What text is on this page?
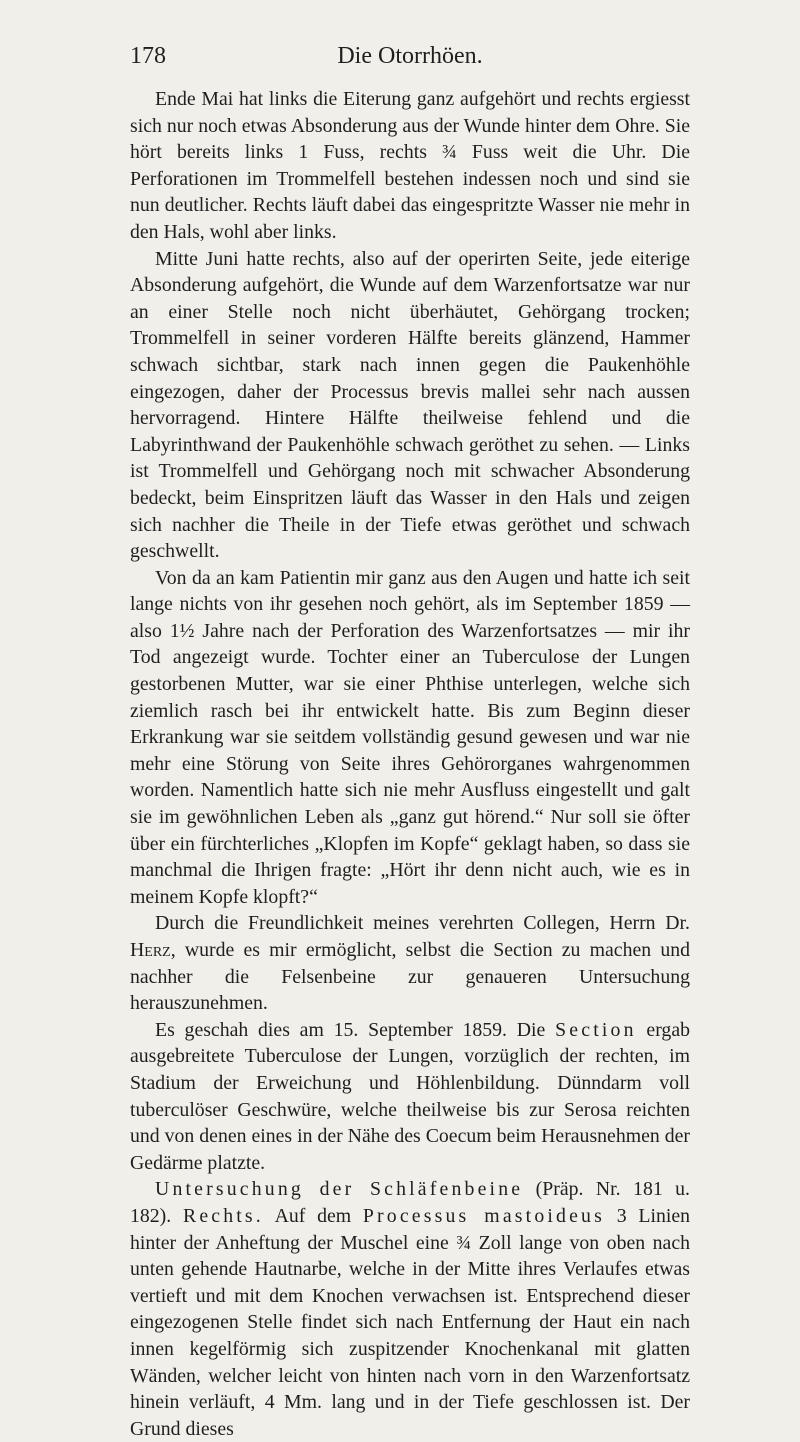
178	Die Otorrhöen.

Ende Mai hat links die Eiterung ganz aufgehört und rechts ergiesst sich nur noch etwas Absonderung aus der Wunde hinter dem Ohre. Sie hört bereits links 1 Fuss, rechts ¾ Fuss weit die Uhr. Die Perforationen im Trommelfell bestehen indessen noch und sind sie nun deutlicher. Rechts läuft dabei das eingespritzte Wasser nie mehr in den Hals, wohl aber links.

Mitte Juni hatte rechts, also auf der operirten Seite, jede eiterige Absonderung aufgehört, die Wunde auf dem Warzenfortsatze war nur an einer Stelle noch nicht überhäutet, Gehörgang trocken; Trommelfell in seiner vorderen Hälfte bereits glänzend, Hammer schwach sichtbar, stark nach innen gegen die Paukenhöhle eingezogen, daher der Processus brevis mallei sehr nach aussen hervorragend. Hintere Hälfte theilweise fehlend und die Labyrinthwand der Paukenhöhle schwach geröthet zu sehen. — Links ist Trommelfell und Gehörgang noch mit schwacher Absonderung bedeckt, beim Einspritzen läuft das Wasser in den Hals und zeigen sich nachher die Theile in der Tiefe etwas geröthet und schwach geschwellt.

Von da an kam Patientin mir ganz aus den Augen und hatte ich seit lange nichts von ihr gesehen noch gehört, als im September 1859 — also 1½ Jahre nach der Perforation des Warzenfortsatzes — mir ihr Tod angezeigt wurde. Tochter einer an Tuberculose der Lungen gestorbenen Mutter, war sie einer Phthise unterlegen, welche sich ziemlich rasch bei ihr entwickelt hatte. Bis zum Beginn dieser Erkrankung war sie seitdem vollständig gesund gewesen und war nie mehr eine Störung von Seite ihres Gehörorganes wahrgenommen worden. Namentlich hatte sich nie mehr Ausfluss eingestellt und galt sie im gewöhnlichen Leben als „ganz gut hörend.“ Nur soll sie öfter über ein fürchterliches „Klopfen im Kopfe“ geklagt haben, so dass sie manchmal die Ihrigen fragte: „Hört ihr denn nicht auch, wie es in meinem Kopfe klopft?“

Durch die Freundlichkeit meines verehrten Collegen, Herrn Dr. Herz, wurde es mir ermöglicht, selbst die Section zu machen und nachher die Felsenbeine zur genaueren Untersuchung herauszunehmen.

Es geschah dies am 15. September 1859. Die Section ergab ausgebreitete Tuberculose der Lungen, vorzüglich der rechten, im Stadium der Erweichung und Höhlenbildung. Dünndarm voll tuberculöser Geschwüre, welche theilweise bis zur Serosa reichten und von denen eines in der Nähe des Coecum beim Herausnehmen der Gedärme platzte.

Untersuchung der Schläfenbeine (Präp. Nr. 181 u. 182). Rechts. Auf dem Processus mastoideus 3 Linien hinter der Anheftung der Muschel eine ¾ Zoll lange von oben nach unten gehende Hautnarbe, welche in der Mitte ihres Verlaufes etwas vertieft und mit dem Knochen verwachsen ist. Entsprechend dieser eingezogenen Stelle findet sich nach Entfernung der Haut ein nach innen kegelförmig sich zuspitzender Knochenkanal mit glatten Wänden, welcher leicht von hinten nach vorn in den Warzenfortsatz hinein verläuft, 4 Mm. lang und in der Tiefe geschlossen ist. Der Grund dieses
